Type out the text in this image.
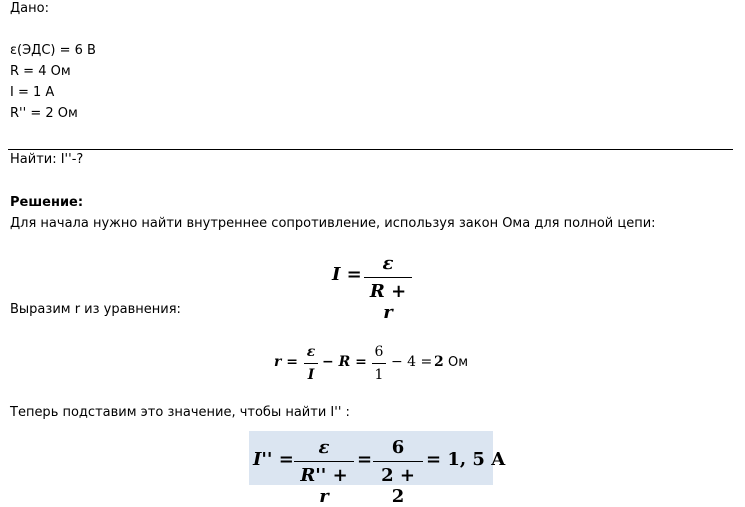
Дано:
ε(ЭДС) = 6 В
R = 4 Ом
I = 1 А
R'' = 2 Ом
Найти: I''-?
Решение:
Для начала нужно найти внутреннее сопротивление, используя закон Ома для полной цепи:
I =
ε
R + r
Выразим r из уравнения:
r =
ε
I
− R =
6
1
− 4 = 2 Ом
Теперь подставим это значение, чтобы найти I'' :
I'' =
ε
R'' + r
=
6
2 + 2
= 1, 5 A
